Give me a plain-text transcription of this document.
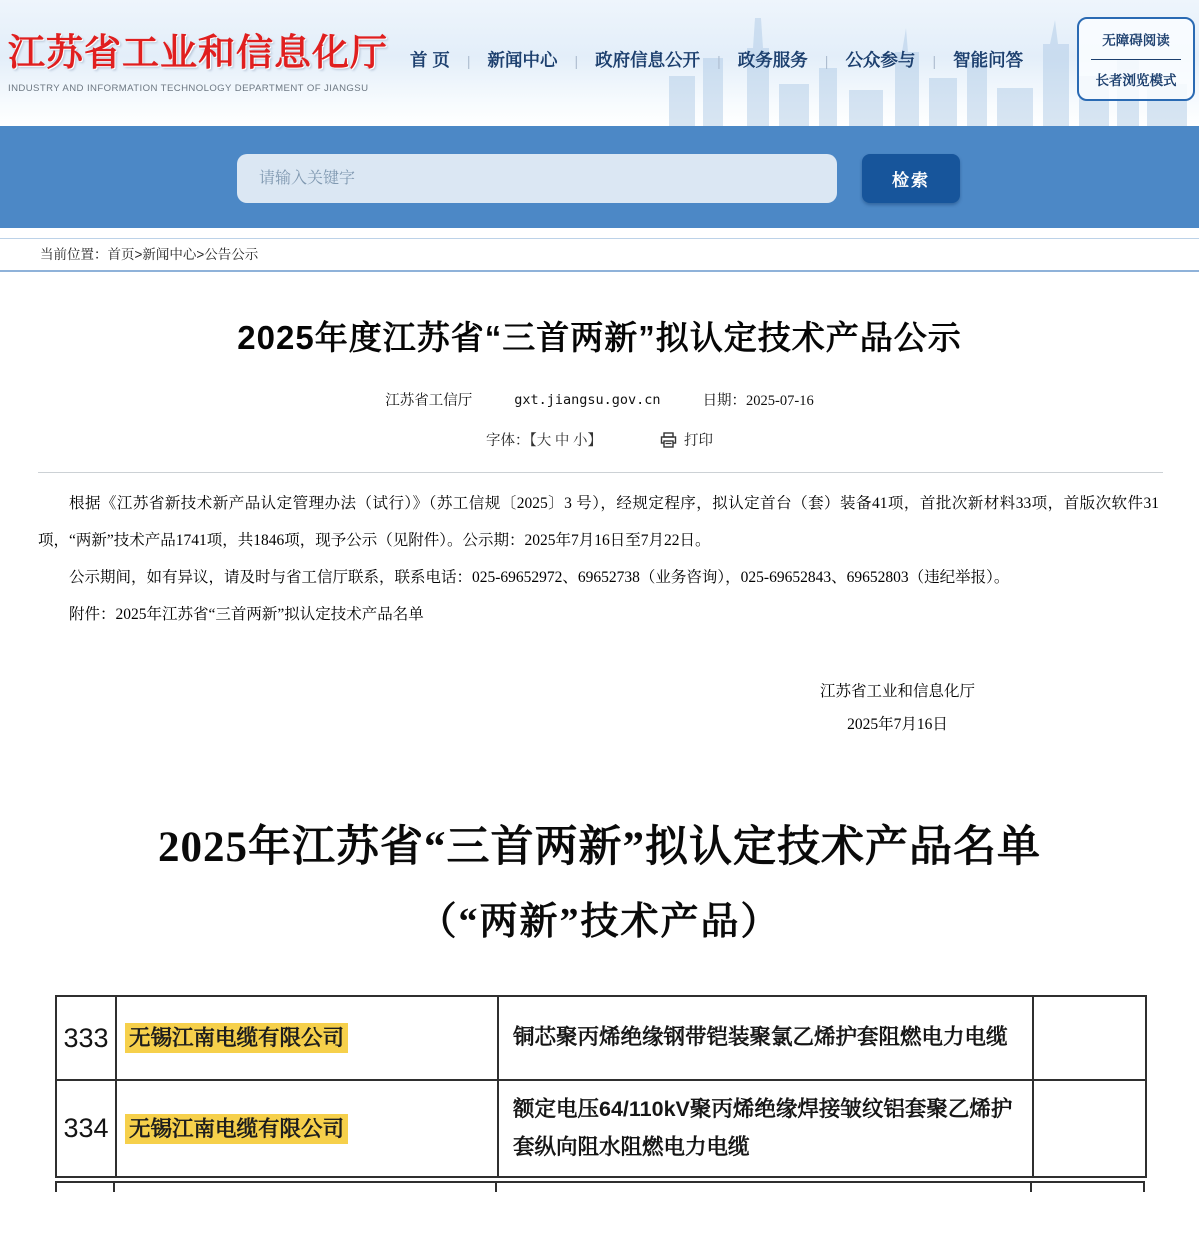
江苏省工业和信息化厅
INDUSTRY AND INFORMATION TECHNOLOGY DEPARTMENT OF JIANGSU
首 页	| 新闻中心	| 政府信息公开	| 政务服务	| 公众参与	| 智能问答
无障碍阅读
长者浏览模式
请输入关键字
检索
当前位置：首页>新闻中心>公告公示
2025年度江苏省“三首两新”拟认定技术产品公示
江苏省工信厅	gxt.jiangsu.gov.cn	日期：2025-07-16
字体：【大 中 小】	打印

根据《江苏省新技术新产品认定管理办法（试行）》（苏工信规〔2025〕3 号），经规定程序，拟认定首台（套）装备41项，首批次新材料33项，首版次软件31项，“两新”技术产品1741项，共1846项，现予公示（见附件）。公示期：2025年7月16日至7月22日。

公示期间，如有异议，请及时与省工信厅联系，联系电话：025-69652972、69652738（业务咨询），025-69652843、69652803（违纪举报）。

附件：2025年江苏省“三首两新”拟认定技术产品名单

江苏省工业和信息化厅
2025年7月16日
2025年江苏省“三首两新”拟认定技术产品名单
（“两新”技术产品）
333	无锡江南电缆有限公司	铜芯聚丙烯绝缘钢带铠装聚氯乙烯护套阻燃电力电缆	
334	无锡江南电缆有限公司	额定电压64/110kV聚丙烯绝缘焊接皱纹铝套聚乙烯护套纵向阻水阻燃电力电缆	
